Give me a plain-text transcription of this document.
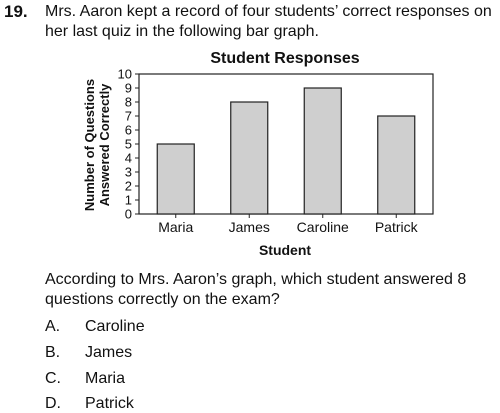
19. Mrs. Aaron kept a record of four students’ correct responses on her last quiz in the following bar graph.
Student Responses
Number of Questions Answered Correctly
Student
0
1
2
3
4
5
6
7
8
9
10
Maria	James Caroline Patrick
According to Mrs. Aaron’s graph, which student answered 8 questions correctly on the exam?
A. Caroline
B. James
C. Maria
D. Patrick
